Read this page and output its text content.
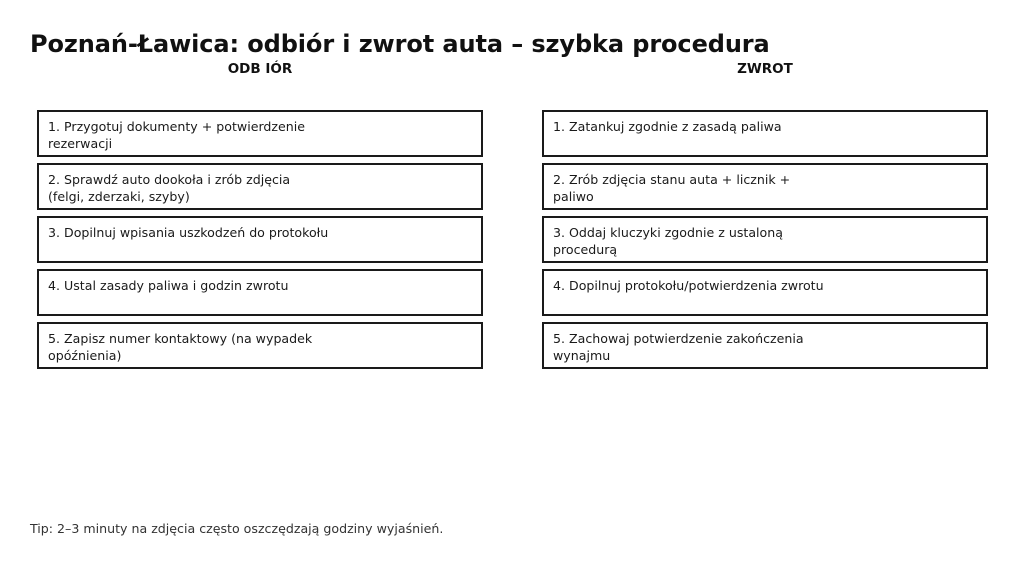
Poznań-Ławica: odbiór i zwrot auta – szybka procedura
ODB IÓR	ZWROT
1. Przygotuj dokumenty + potwierdzenie
rezerwacji
2. Sprawdź auto dookoła i zrób zdjęcia
(felgi, zderzaki, szyby)
3. Dopilnuj wpisania uszkodzeń do protokołu
4. Ustal zasady paliwa i godzin zwrotu
5. Zapisz numer kontaktowy (na wypadek
opóźnienia)
1. Zatankuj zgodnie z zasadą paliwa
2. Zrób zdjęcia stanu auta + licznik +
paliwo
3. Oddaj kluczyki zgodnie z ustaloną
procedurą
4. Dopilnuj protokołu/potwierdzenia zwrotu
5. Zachowaj potwierdzenie zakończenia
wynajmu
Tip: 2–3 minuty na zdjęcia często oszczędzają godziny wyjaśnień.
